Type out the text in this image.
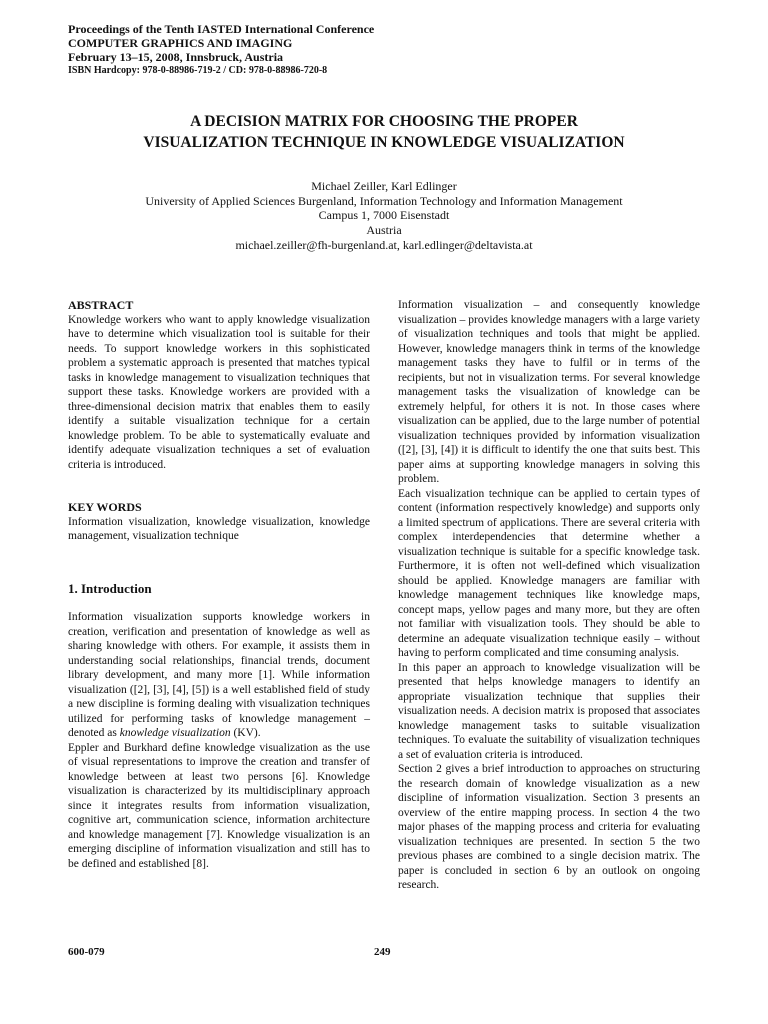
Proceedings of the Tenth IASTED International Conference
COMPUTER GRAPHICS AND IMAGING
February 13–15, 2008, Innsbruck, Austria
ISBN Hardcopy: 978-0-88986-719-2 / CD: 978-0-88986-720-8
A DECISION MATRIX FOR CHOOSING THE PROPER
VISUALIZATION TECHNIQUE IN KNOWLEDGE VISUALIZATION
Michael Zeiller, Karl Edlinger
University of Applied Sciences Burgenland, Information Technology and Information Management
Campus 1, 7000 Eisenstadt
Austria
michael.zeiller@fh-burgenland.at, karl.edlinger@deltavista.at
ABSTRACT

Knowledge workers who want to apply knowledge visualization have to determine which visualization tool is suitable for their needs. To support knowledge workers in this sophisticated problem a systematic approach is presented that matches typical tasks in knowledge management to visualization techniques that support these tasks. Knowledge workers are provided with a three-dimensional decision matrix that enables them to easily identify a suitable visualization technique for a certain knowledge problem. To be able to systematically evaluate and identify adequate visualization techniques a set of evaluation criteria is introduced.

KEY WORDS

Information visualization, knowledge visualization, knowledge management, visualization technique

1. Introduction

Information visualization supports knowledge workers in creation, verification and presentation of knowledge as well as sharing knowledge with others. For example, it assists them in understanding social relationships, financial trends, document library development, and many more [1]. While information visualization ([2], [3], [4], [5]) is a well established field of study a new discipline is forming dealing with visualization techniques utilized for performing tasks of knowledge management – denoted as knowledge visualization (KV).

Eppler and Burkhard define knowledge visualization as the use of visual representations to improve the creation and transfer of knowledge between at least two persons [6]. Knowledge visualization is characterized by its multidisciplinary approach since it integrates results from information visualization, cognitive art, communication science, information architecture and knowledge management [7]. Knowledge visualization is an emerging discipline of information visualization and still has to be defined and established [8].

Information visualization – and consequently knowledge visualization – provides knowledge managers with a large variety of visualization techniques and tools that might be applied. However, knowledge managers think in terms of the knowledge management tasks they have to fulfil or in terms of the recipients, but not in visualization terms. For several knowledge management tasks the visualization of knowledge can be extremely helpful, for others it is not. In those cases where visualization can be applied, due to the large number of potential visualization techniques provided by information visualization ([2], [3], [4]) it is difficult to identify the one that suits best. This paper aims at supporting knowledge managers in solving this problem.

Each visualization technique can be applied to certain types of content (information respectively knowledge) and supports only a limited spectrum of applications. There are several criteria with complex interdependencies that determine whether a visualization technique is suitable for a specific knowledge task. Furthermore, it is often not well-defined which visualization should be applied. Knowledge managers are familiar with knowledge management techniques like knowledge maps, concept maps, yellow pages and many more, but they are often not familiar with visualization tools. They should be able to determine an adequate visualization technique easily – without having to perform complicated and time consuming analysis.

In this paper an approach to knowledge visualization will be presented that helps knowledge managers to identify an appropriate visualization technique that supplies their visualization needs. A decision matrix is proposed that associates knowledge management tasks to suitable visualization techniques. To evaluate the suitability of visualization techniques a set of evaluation criteria is introduced.

Section 2 gives a brief introduction to approaches on structuring the research domain of knowledge visualization as a new discipline of information visualization. Section 3 presents an overview of the entire mapping process. In section 4 the two major phases of the mapping process and criteria for evaluating visualization techniques are presented. In section 5 the two previous phases are combined to a single decision matrix. The paper is concluded in section 6 by an outlook on ongoing research.

600-079	249
